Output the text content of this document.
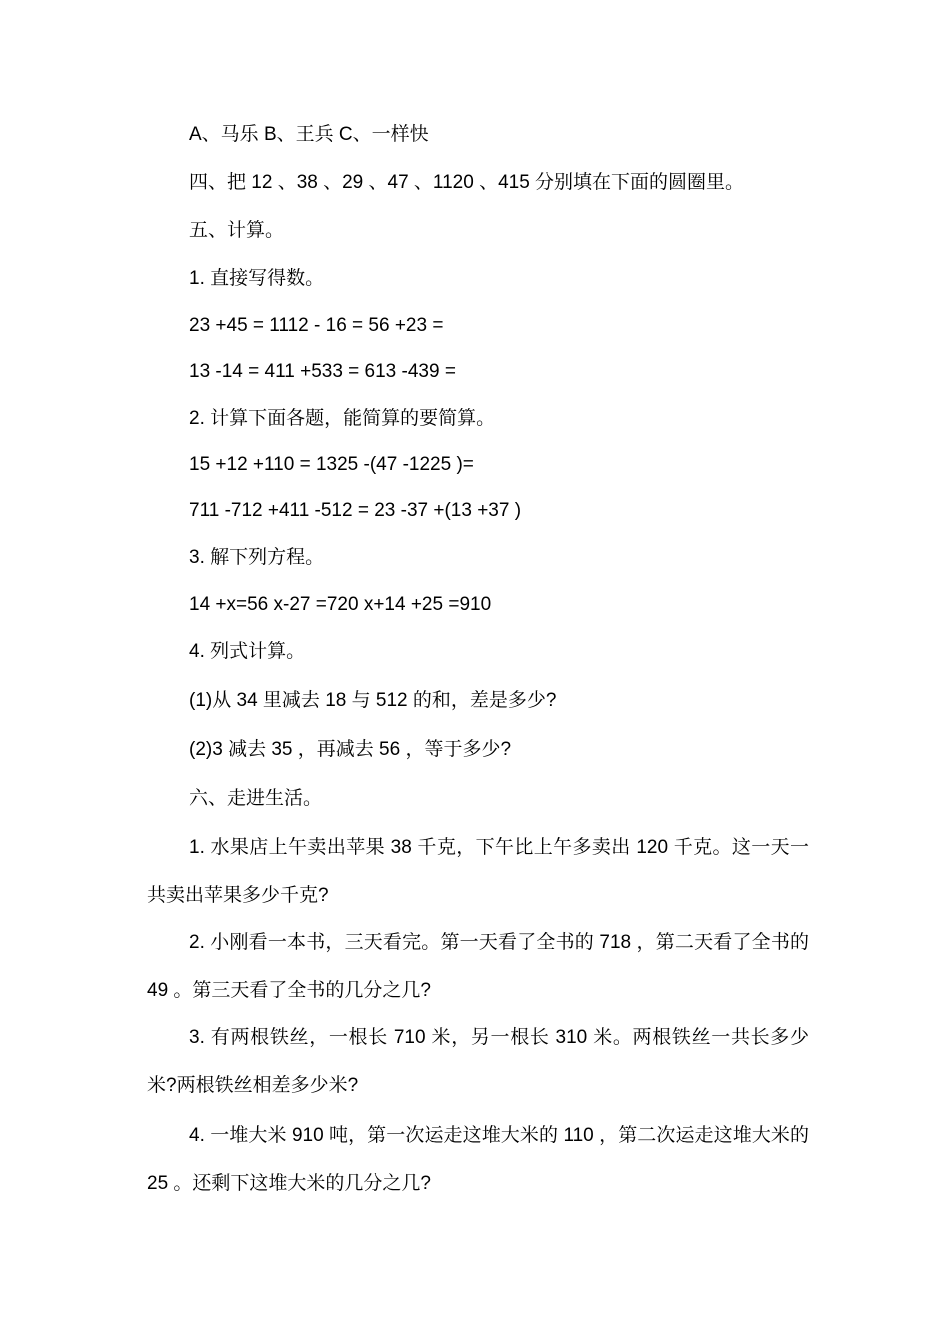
A、马乐 B、王兵 C、一样快
四、把 12 、38 、29 、47 、1120 、415 分别填在下面的圆圈里。
五、计算。
1. 直接写得数。
23 +45 = 1112 - 16 = 56 +23 =
13 -14 = 411 +533 = 613 -439 =
2. 计算下面各题，能简算的要简算。
15 +12 +110 = 1325 -(47 -1225 )=
711 -712 +411 -512 = 23 -37 +(13 +37 )
3. 解下列方程。
14 +x=56 x-27 =720 x+14 +25 =910
4. 列式计算。
(1)从 34 里减去 18 与 512 的和，差是多少?
(2)3 减去 35 ，再减去 56 ，等于多少?
六、走进生活。
1. 水果店上午卖出苹果 38 千克，下午比上午多卖出 120 千克。这一天一共卖出苹果多少千克?
2. 小刚看一本书，三天看完。第一天看了全书的 718 ，第二天看了全书的 49 。第三天看了全书的几分之几?
3. 有两根铁丝，一根长 710 米，另一根长 310 米。两根铁丝一共长多少米?两根铁丝相差多少米?
4. 一堆大米 910 吨，第一次运走这堆大米的 110 ，第二次运走这堆大米的 25 。还剩下这堆大米的几分之几?
